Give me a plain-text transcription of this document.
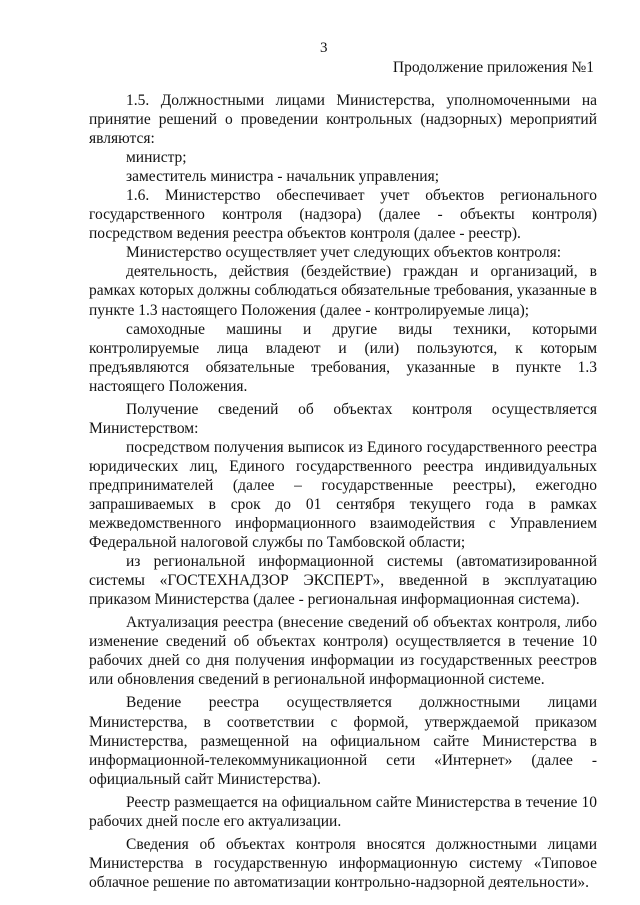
3
Продолжение приложения №1

1.5. Должностными лицами Министерства, уполномоченными на принятие решений о проведении контрольных (надзорных) мероприятий являются:

министр;

заместитель министра - начальник управления;

1.6. Министерство обеспечивает учет объектов регионального государственного контроля (надзора) (далее - объекты контроля) посредством ведения реестра объектов контроля (далее - реестр).

Министерство осуществляет учет следующих объектов контроля:

деятельность, действия (бездействие) граждан и организаций, в рамках которых должны соблюдаться обязательные требования, указанные в пункте 1.3 настоящего Положения (далее - контролируемые лица);

самоходные машины и другие виды техники, которыми контролируемые лица владеют и (или) пользуются, к которым предъявляются обязательные требования, указанные в пункте 1.3 настоящего Положения.

Получение сведений об объектах контроля осуществляется Министерством:

посредством получения выписок из Единого государственного реестра юридических лиц, Единого государственного реестра индивидуальных предпринимателей (далее – государственные реестры), ежегодно запрашиваемых в срок до 01 сентября текущего года в рамках межведомственного информационного взаимодействия с Управлением Федеральной налоговой службы по Тамбовской области;

из региональной информационной системы (автоматизированной системы «ГОСТЕХНАДЗОР ЭКСПЕРТ», введенной в эксплуатацию приказом Министерства (далее - региональная информационная система).

Актуализация реестра (внесение сведений об объектах контроля, либо изменение сведений об объектах контроля) осуществляется в течение 10 рабочих дней со дня получения информации из государственных реестров или обновления сведений в региональной информационной системе.

Ведение реестра осуществляется должностными лицами Министерства, в соответствии с формой, утверждаемой приказом Министерства, размещенной на официальном сайте Министерства в информационной-телекоммуникационной сети «Интернет» (далее - официальный сайт Министерства).

Реестр размещается на официальном сайте Министерства в течение 10 рабочих дней после его актуализации.

Сведения об объектах контроля вносятся должностными лицами Министерства в государственную информационную систему «Типовое облачное решение по автоматизации контрольно-надзорной деятельности».
